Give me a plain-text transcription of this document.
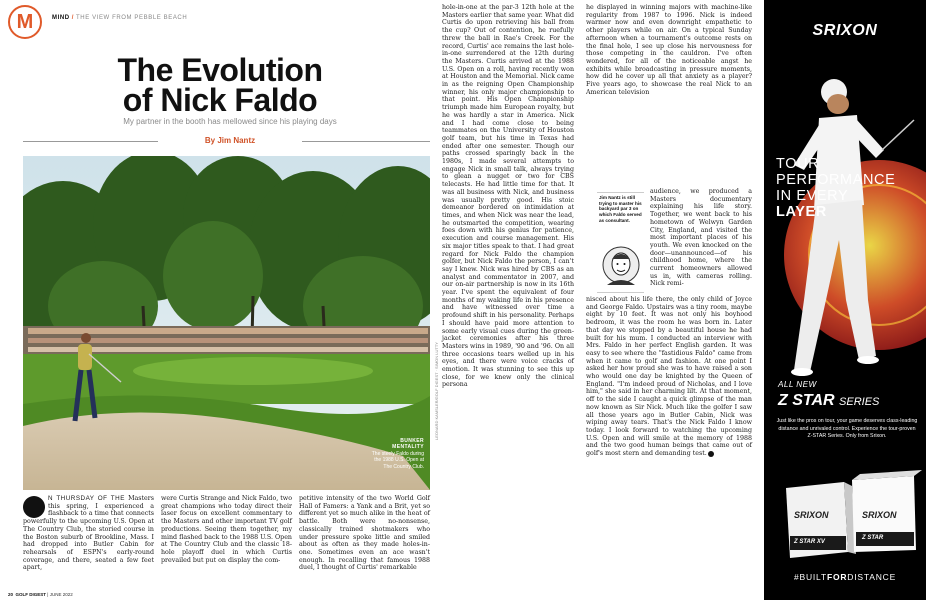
M	MIND / THE VIEW FROM PEBBLE BEACH
The Evolution
of Nick Faldo
My partner in the booth has mellowed since his playing days
By Jim Nantz
BUNKER MENTALITY
The steely Faldo during the 1988 U.S. Open at The Country Club.
LEONARD KAMSLER/GOLF DIGEST · SIMON LUTTY
N THURSDAY OF THE Masters this spring, I experienced a flashback to a time that connects powerfully to the upcoming U.S. Open at The Country Club, the storied course in the Boston suburb of Brookline, Mass. I had dropped into Butler Cabin for rehearsals of ESPN's early-round coverage, and there, seated a few feet apart,
were Curtis Strange and Nick Faldo, two great champions who today direct their laser focus on excellent commentary to the Masters and other important TV golf productions. Seeing them together, my mind flashed back to the 1988 U.S. Open at The Country Club and the classic 18-hole playoff duel in which Curtis prevailed but put on display the com-
petitive intensity of the two World Golf Hall of Famers: a Yank and a Brit, yet so different yet so much alike in the heat of battle. Both were no-nonsense, classically trained shotmakers who under pressure spoke little and smiled about as often as they made holes-in-one. Sometimes even an ace wasn't enough. In recalling that famous 1988 duel, I thought of Curtis' remarkable
hole-in-one at the par-3 12th hole at the Masters earlier that same year. What did Curtis do upon retrieving his ball from the cup? Out of contention, he ruefully threw the ball in Rae's Creek. For the record, Curtis' ace remains the last hole-in-one surrendered at the 12th during the Masters. Curtis arrived at the 1988 U.S. Open on a roll, having recently won at Houston and the Memorial. Nick came in as the reigning Open Championship winner, his only major championship to that point. His Open Championship triumph made him European royalty, but he was hardly a star in America. Nick and I had come close to being teammates on the University of Houston golf team, but his time in Texas had ended after one semester. Though our paths crossed sparingly back in the 1980s, I made several attempts to engage Nick in small talk, always trying to glean a nugget or two for CBS telecasts. He had little time for that. It was all business with Nick, and business was usually pretty good. His stoic demeanor bordered on intimidation at times, and when Nick was near the lead, he outsmarted the competition, wearing foes down with his genius for patience, execution and course management. His six major titles speak to that. I had great regard for Nick Faldo the champion golfer, but Nick Faldo the person, I can't say I knew. Nick was hired by CBS as an analyst and commentator in 2007, and our on-air partnership is now in its 16th year. I've spent the equivalent of four months of my waking life in his presence and have witnessed over time a profound shift in his personality. Perhaps I should have paid more attention to some early visual cues during the green-jacket ceremonies after his three Masters wins in 1989, '90 and '96. On all three occasions tears welled up in his eyes, and there were voice cracks of emotion. It was stunning to see this up close, for we knew only the clinical persona
he displayed in winning majors with machine-like regularity from 1987 to 1996. Nick is indeed warmer now and even downright empathetic to other players while on air. On a typical Sunday afternoon when a tournament's outcome rests on the final hole, I see up close his nervousness for those competing in the cauldron. I've often wondered, for all of the noticeable angst he exhibits while broadcasting in pressure moments, how did he cover up all that anxiety as a player? Five years ago, to showcase the real Nick to an American television
audience, we produced a Masters documentary explaining his life story. Together, we went back to his hometown of Welwyn Garden City, England, and visited the most important places of his youth. We even knocked on the door—unannounced—of his childhood home, where the current homeowners allowed us in, with cameras rolling. Nick remi-
nisced about his life there, the only child of Joyce and George Faldo. Upstairs was a tiny room, maybe eight by 10 feet. It was not only his boyhood bedroom, it was the room he was born in. Later that day we stopped by a beautiful house he had built for his mum. I conducted an interview with Mrs. Faldo in her perfect English garden. It was easy to see where the "fastidious Faldo" came from when it came to golf and fashion. At one point I asked her how proud she was to have raised a son who would one day be knighted by the Queen of England. "I'm indeed proud of Nicholas, and I love him," she said in her charming lilt. At that moment, off to the side I caught a quick glimpse of the man now known as Sir Nick. Much like the golfer I saw all those years ago in Butler Cabin, Nick was wiping away tears. That's the Nick Faldo I know today. I look forward to watching the upcoming U.S. Open and will smile at the memory of 1988 and the two good human beings that came out of golf's most stern and demanding test.

Jim Nantz is still trying to master his backyard par 3 on which Faldo served as consultant.

20 GOLF DIGEST | JUNE 2022
SRIXON
TOUR
PERFORMANCE
IN EVERY
LAYER
ALL NEW
Z STAR SERIES
Just like the pros on tour, your game deserves class-leading distance and unrivaled control. Experience the tour-proven Z-STAR Series. Only from Srixon.
SRIXON
Z STAR XV
SRIXON
Z STAR
#BUILTFORDISTANCE
